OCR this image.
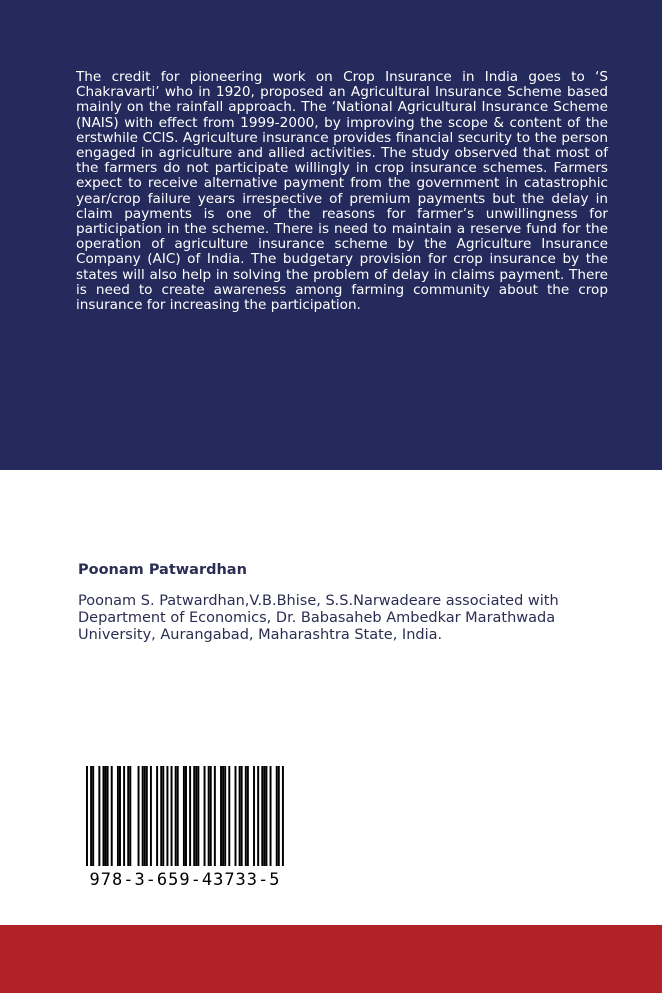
The credit for pioneering work on Crop Insurance in India goes to ‘S Chakravarti’ who in 1920, proposed an Agricultural Insurance Scheme based mainly on the rainfall approach. The ‘National Agricultural Insurance Scheme (NAIS) with effect from 1999-2000, by improving the scope & content of the erstwhile CCIS. Agriculture insurance provides financial security to the person engaged in agriculture and allied activities. The study observed that most of the farmers do not participate willingly in crop insurance schemes. Farmers expect to receive alternative payment from the government in catastrophic year/crop failure years irrespective of premium payments but the delay in claim payments is one of the reasons for farmer’s unwillingness for participation in the scheme. There is need to maintain a reserve fund for the operation of agriculture insurance scheme by the Agriculture Insurance Company (AIC) of India. The budgetary provision for crop insurance by the states will also help in solving the problem of delay in claims payment. There is need to create awareness among farming community about the crop insurance for increasing the participation.

Poonam Patwardhan

Poonam S. Patwardhan,V.B.Bhise, S.S.Narwadeare associated with Department of Economics, Dr. Babasaheb Ambedkar Marathwada University, Aurangabad, Maharashtra State, India.

978-3-659-43733-5
